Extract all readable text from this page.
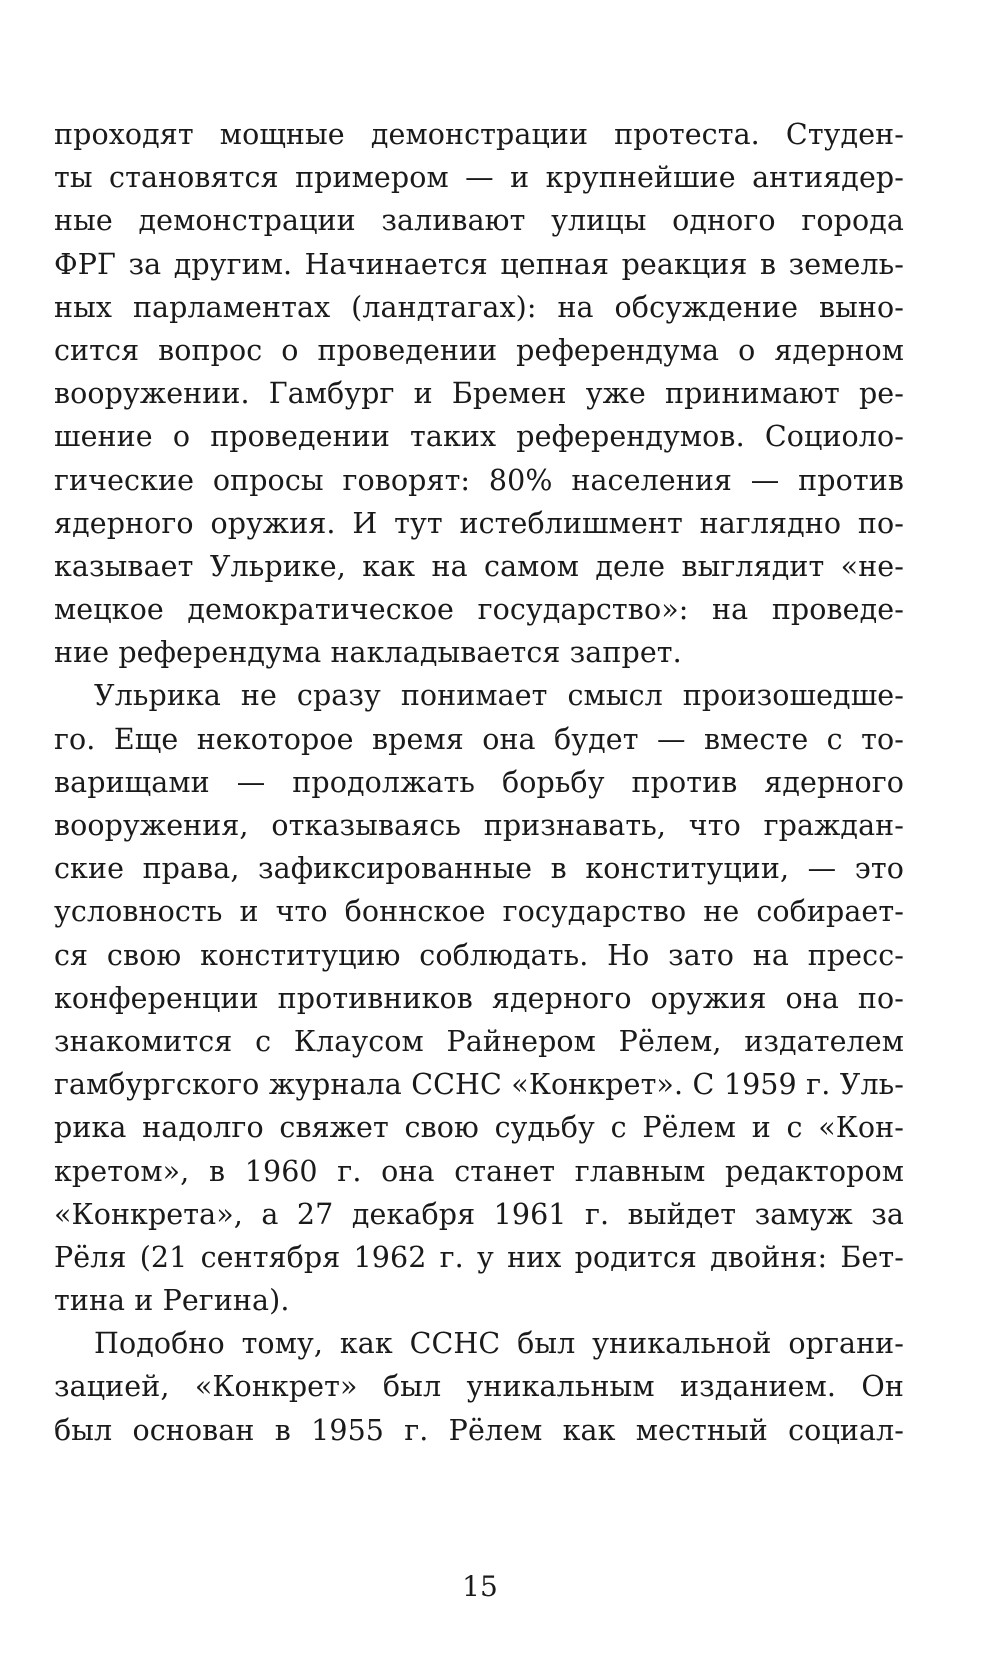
проходят мощные демонстрации протеста. Студен-
ты становятся примером — и крупнейшие антиядер-
ные демонстрации заливают улицы одного города
ФРГ за другим. Начинается цепная реакция в земель-
ных парламентах (ландтагах): на обсуждение выно-
сится вопрос о проведении референдума о ядерном
вооружении. Гамбург и Бремен уже принимают ре-
шение о проведении таких референдумов. Социоло-
гические опросы говорят: 80% населения — против
ядерного оружия. И тут истеблишмент наглядно по-
казывает Ульрике, как на самом деле выглядит «не-
мецкое демократическое государство»: на проведе-
ние референдума накладывается запрет.
Ульрика не сразу понимает смысл произошедше-
го. Еще некоторое время она будет — вместе с то-
варищами — продолжать борьбу против ядерного
вооружения, отказываясь признавать, что граждан-
ские права, зафиксированные в конституции, — это
условность и что боннское государство не собирает-
ся свою конституцию соблюдать. Но зато на пресс-
конференции противников ядерного оружия она по-
знакомится с Клаусом Райнером Рёлем, издателем
гамбургского журнала ССНС «Конкрет». С 1959 г. Уль-
рика надолго свяжет свою судьбу с Рёлем и с «Кон-
кретом», в 1960 г. она станет главным редактором
«Конкрета», а 27 декабря 1961 г. выйдет замуж за
Рёля (21 сентября 1962 г. у них родится двойня: Бет-
тина и Регина).
Подобно тому, как ССНС был уникальной органи-
зацией, «Конкрет» был уникальным изданием. Он
был основан в 1955 г. Рёлем как местный социал-
15
